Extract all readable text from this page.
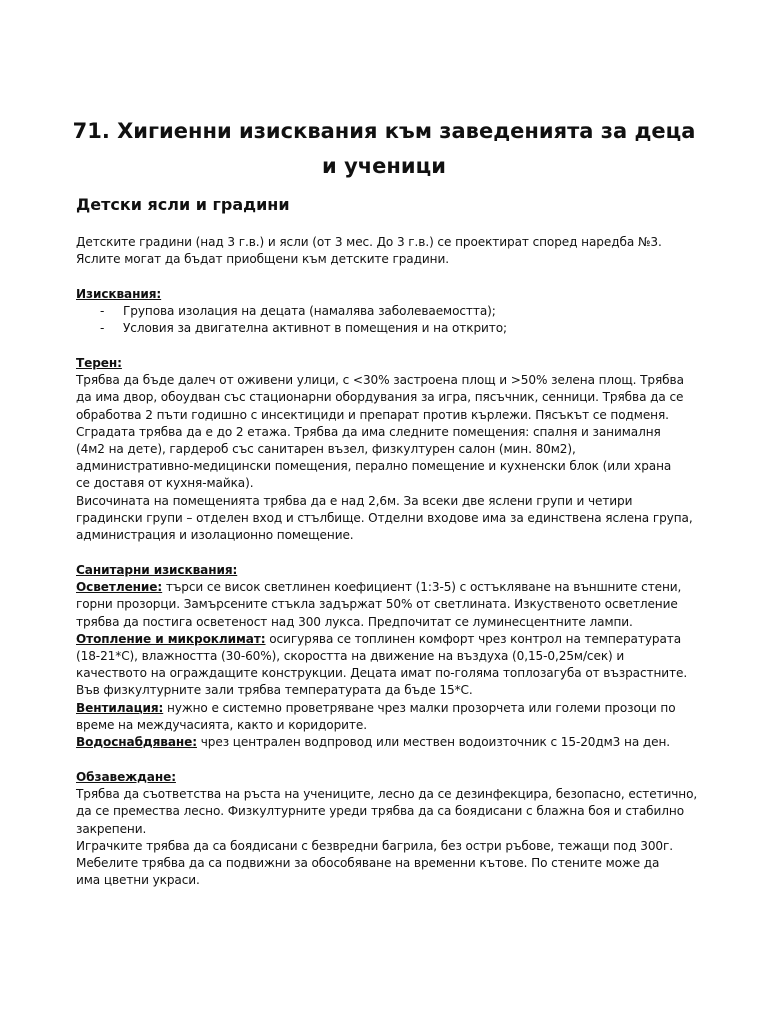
71. Хигиенни изисквания към заведенията за деца
и ученици
Детски ясли и градини
Детските градини (над 3 г.в.) и ясли (от 3 мес. До 3 г.в.) се проектират според наредба №3.
Яслите могат да бъдат приобщени към детските градини.
Изисквания:
- Групова изолация на децата (намалява заболеваемостта);
- Условия за двигателна активнот в помещения и на открито;
Терен:
Трябва да бъде далеч от оживени улици, с <30% застроена площ и >50% зелена площ. Трябва
да има двор, обоудван със стационарни обордувания за игра, пясъчник, сенници. Трябва да се
обработва 2 пъти годишно с инсектициди и препарат против кърлежи. Пясъкът се подменя.
Сградата трябва да е до 2 етажа. Трябва да има следните помещения: спалня и занималня
(4м2 на дете), гардероб със санитарен възел, физкултурен салон (мин. 80м2),
административно-медицински помещения, перално помещение и кухненски блок (или храна
се доставя от кухня-майка).
Височината на помещенията трябва да е над 2,6м. За всеки две яслени групи и четири
градински групи – отделен вход и стълбище. Отделни входове има за единствена яслена група,
администрация и изолационно помещение.
Санитарни изисквания:
Осветление: търси се висок светлинен коефициент (1:3-5) с остъкляване на външните стени,
горни прозорци. Замърсените стъкла задържат 50% от светлината. Изкуственото осветление
трябва да постига осветеност над 300 лукса. Предпочитат се луминесцентните лампи.
Отопление и микроклимат: осигурява се топлинен комфорт чрез контрол на температурата
(18-21*С), влажността (30-60%), скоростта на движение на въздуха (0,15-0,25м/сек) и
качеството на ограждащите конструкции. Децата имат по-голяма топлозагуба от възрастните.
Във физкултурните зали трябва температурата да бъде 15*С.
Вентилация: нужно е системно проветряване чрез малки прозорчета или големи прозоци по
време на междучасията, както и коридорите.
Водоснабдяване: чрез централен водпровод или мествен водоизточник с 15-20дм3 на ден.
Обзавеждане:
Трябва да съответства на ръста на учениците, лесно да се дезинфекцира, безопасно, естетично,
да се премества лесно. Физкултурните уреди трябва да са боядисани с блажна боя и стабилно
закрепени.
Играчките трябва да са боядисани с безвредни багрила, без остри ръбове, тежащи под 300г.
Мебелите трябва да са подвижни за обособяване на временни кътове. По стените може да
има цветни украси.
